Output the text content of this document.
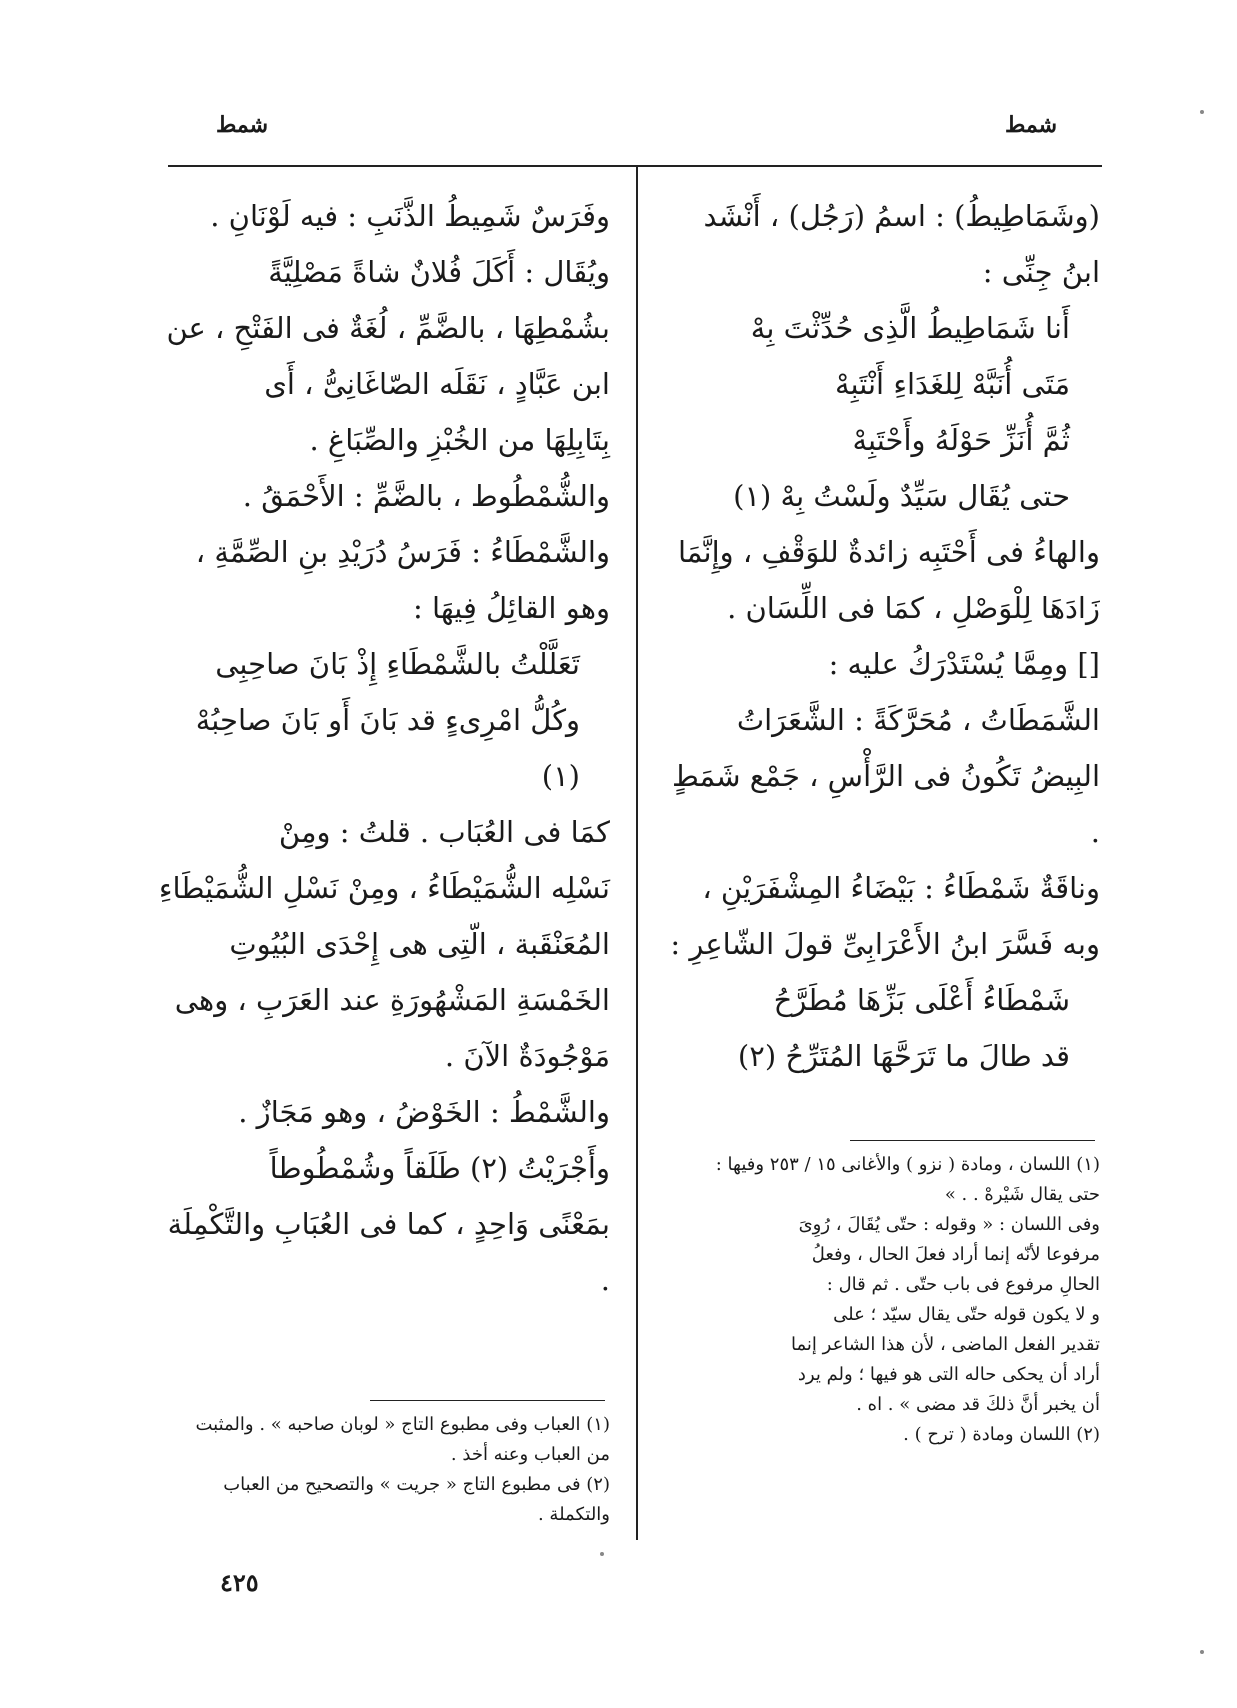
شمط	شمط

(وشَمَاطِيطُ) : اسمُ (رَجُل) ، أَنْشَد

ابنُ جِنِّى :

أَنا شَمَاطِيطُ الَّذِى حُدِّثْتَ بِهْ

مَتَى أُنَبَّهْ لِلغَدَاءِ أَنْتَبِهْ

ثُمَّ أُنَزِّ حَوْلَهُ وأَحْتَبِهْ

حتى يُقَال سَيِّدٌ ولَسْتُ بِهْ (١)

والهاءُ فى أَحْتَبِه زائدةٌ للوَقْفِ ، وإِنَّمَا

زَادَهَا لِلْوَصْلِ ، كمَا فى اللِّسَان .

[] ومِمَّا يُسْتَدْرَكُ عليه :

الشَّمَطَاتُ ، مُحَرَّكَةً : الشَّعَرَاتُ

البِيضُ تَكُونُ فى الرَّأْسِ ، جَمْع شَمَطٍ .

وناقَةٌ شَمْطَاءُ : بَيْضَاءُ المِشْفَرَيْنِ ،

وبه فَسَّرَ ابنُ الأَعْرَابِىِّ قولَ الشّاعِرِ :

شَمْطَاءُ أَعْلَى بَزِّهَا مُطَرَّحُ

قد طالَ ما تَرَحَّهَا المُتَرِّحُ (٢)

(١) اللسان ، ومادة ( نزو ) والأغانى ١٥ / ٢٥٣ وفيها :

حتى يقال شَيْرهْ . . »

وفى اللسان : « وقوله : حتّى يُقَالَ ، رُوِىَ

مرفوعا لأنّه إنما أراد فعلَ الحال ، وفعلُ

الحالِ مرفوع فى باب حتّى . ثم قال :

و لا يكون قوله حتّى يقال سيّد ؛ على

تقدير الفعل الماضى ، لأن هذا الشاعر إنما

أراد أن يحكى حاله التى هو فيها ؛ ولم يرد

أن يخبر أنَّ ذلكَ قد مضى » . اه .

(٢) اللسان ومادة ( ترح ) .

وفَرَسٌ شَمِيطُ الذَّنَبِ : فيه لَوْنَانِ .

ويُقَال : أَكَلَ فُلانٌ شاةً مَصْلِيَّةً

بشُمْطِهَا ، بالضَّمِّ ، لُغَةٌ فى الفَتْحِ ، عن

ابن عَبَّادٍ ، نَقَلَه الصّاغَانِىُّ ، أَى

بِتَابِلِهَا من الخُبْزِ والصِّبَاغِ .

والشُّمْطُوط ، بالضَّمِّ : الأَحْمَقُ .

والشَّمْطَاءُ : فَرَسُ دُرَيْدِ بنِ الصِّمَّةِ ،

وهو القائِلُ فِيهَا :

تَعَلَّلْتُ بالشَّمْطَاءِ إِذْ بَانَ صاحِبِى

وكُلُّ امْرِىءٍ قد بَانَ أَو بَانَ صاحِبُهْ (١)

كمَا فى العُبَاب . قلتُ : ومِنْ

نَسْلِه الشُّمَيْطَاءُ ، ومِنْ نَسْلِ الشُّمَيْطَاءِ

المُعَنْقَبة ، الّتِى هى إِحْدَى البُيُوتِ

الخَمْسَةِ المَشْهُورَةِ عند العَرَبِ ، وهى

مَوْجُودَةٌ الآنَ .

والشَّمْطُ : الخَوْضُ ، وهو مَجَازٌ .

وأَجْرَيْتُ (٢) طَلَقاً وشُمْطُوطاً

بمَعْنًى وَاحِدٍ ، كما فى العُبَابِ والتَّكْمِلَة .

(١) العباب وفى مطبوع التاج « لوبان صاحبه » . والمثبت

من العباب وعنه أخذ .

(٢) فى مطبوع التاج « جريت » والتصحيح من العباب

والتكملة .

٤٢٥
